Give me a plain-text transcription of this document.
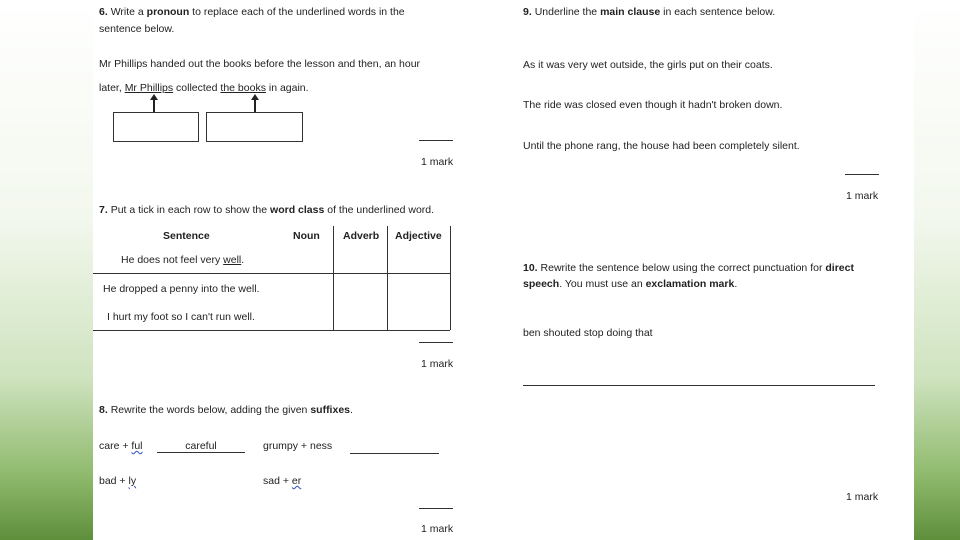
6. Write a pronoun to replace each of the underlined words in the
sentence below.
Mr Phillips handed out the books before the lesson and then, an hour
later, Mr Phillips collected the books in again.
1 mark
7. Put a tick in each row to show the word class of the underlined word.
Sentence	Noun Adverb Adjective
He does not feel very well.
He dropped a penny into the well.
I hurt my foot so I can't run well.
1 mark
8. Rewrite the words below, adding the given suffixes.
care + ful	careful	grumpy + ness
bad + ly	sad + er
1 mark
9. Underline the main clause in each sentence below.
As it was very wet outside, the girls put on their coats.
The ride was closed even though it hadn't broken down.
Until the phone rang, the house had been completely silent.
1 mark
10. Rewrite the sentence below using the correct punctuation for direct
speech. You must use an exclamation mark.
ben shouted stop doing that
1 mark
